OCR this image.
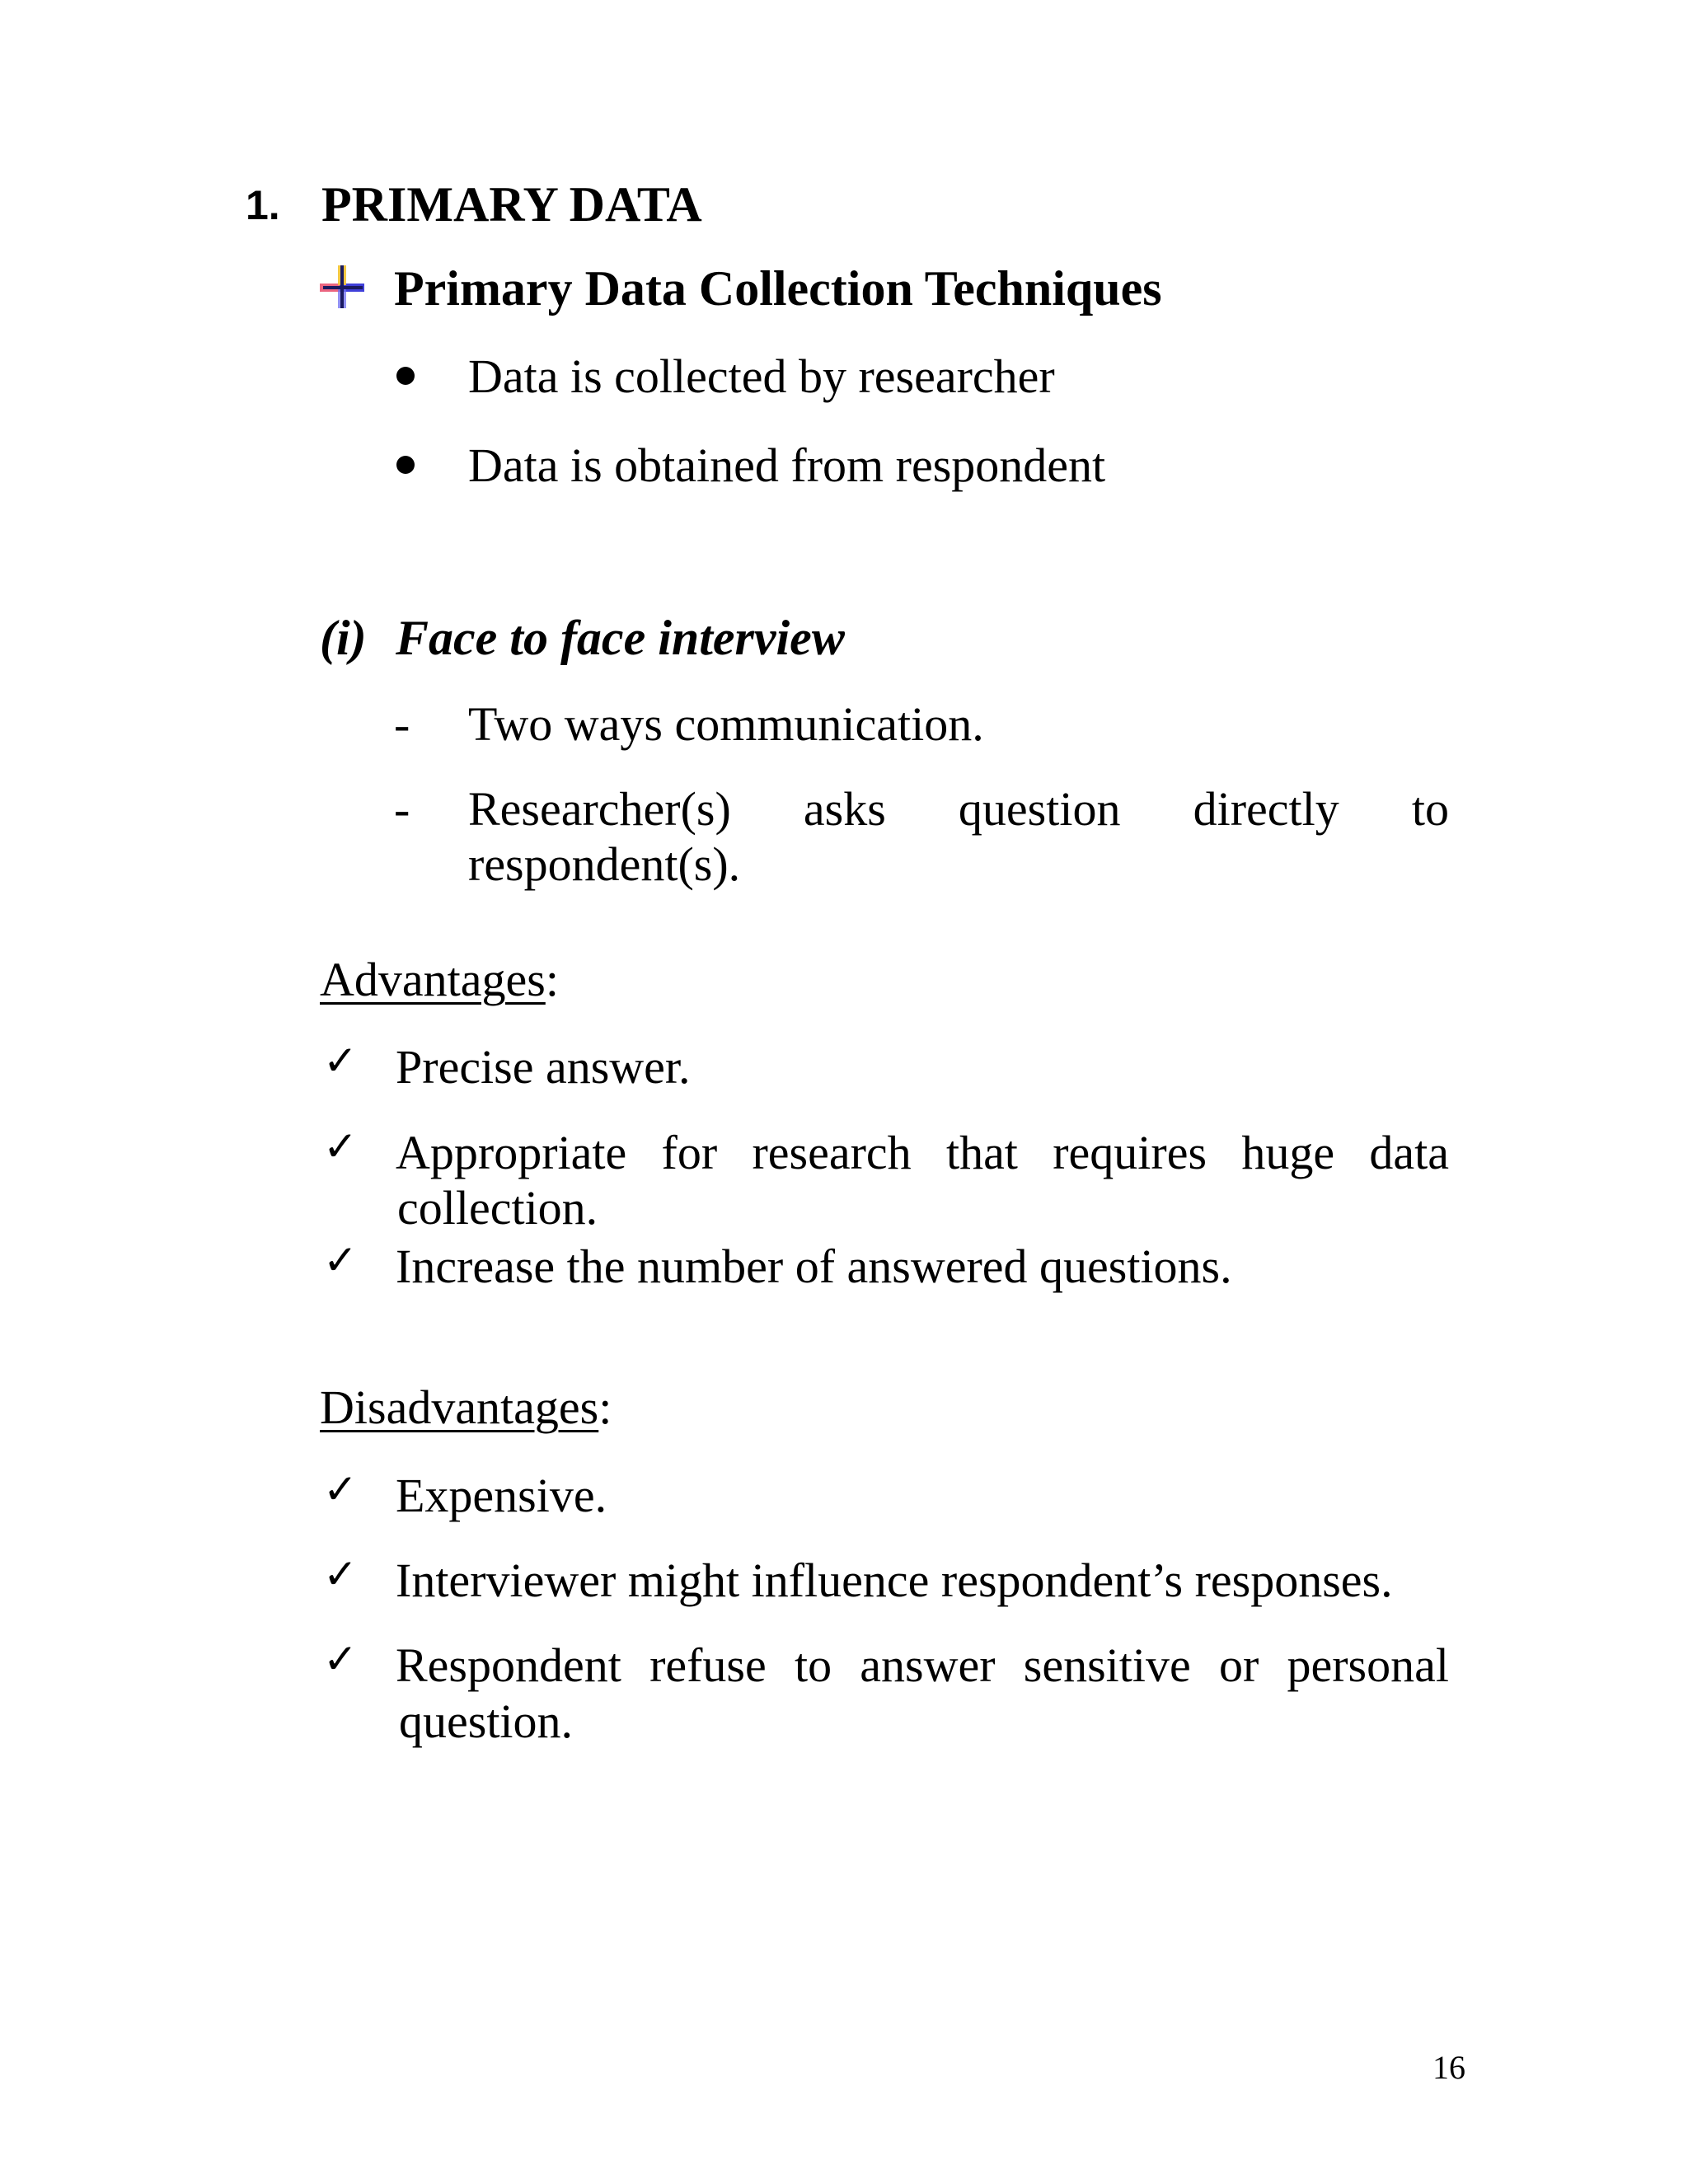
1. PRIMARY DATA
Primary Data Collection Techniques
Data is collected by researcher
Data is obtained from respondent
(i) Face to face interview
- Two ways communication.
- Researcher(s) asks question directly to
respondent(s).
Advantages:
✓ Precise answer.
✓ Appropriate for research that requires huge data
collection.
✓ Increase the number of answered questions.
Disadvantages:
✓ Expensive.
✓ Interviewer might influence respondent’s responses.
✓ Respondent refuse to answer sensitive or personal
question.
16
